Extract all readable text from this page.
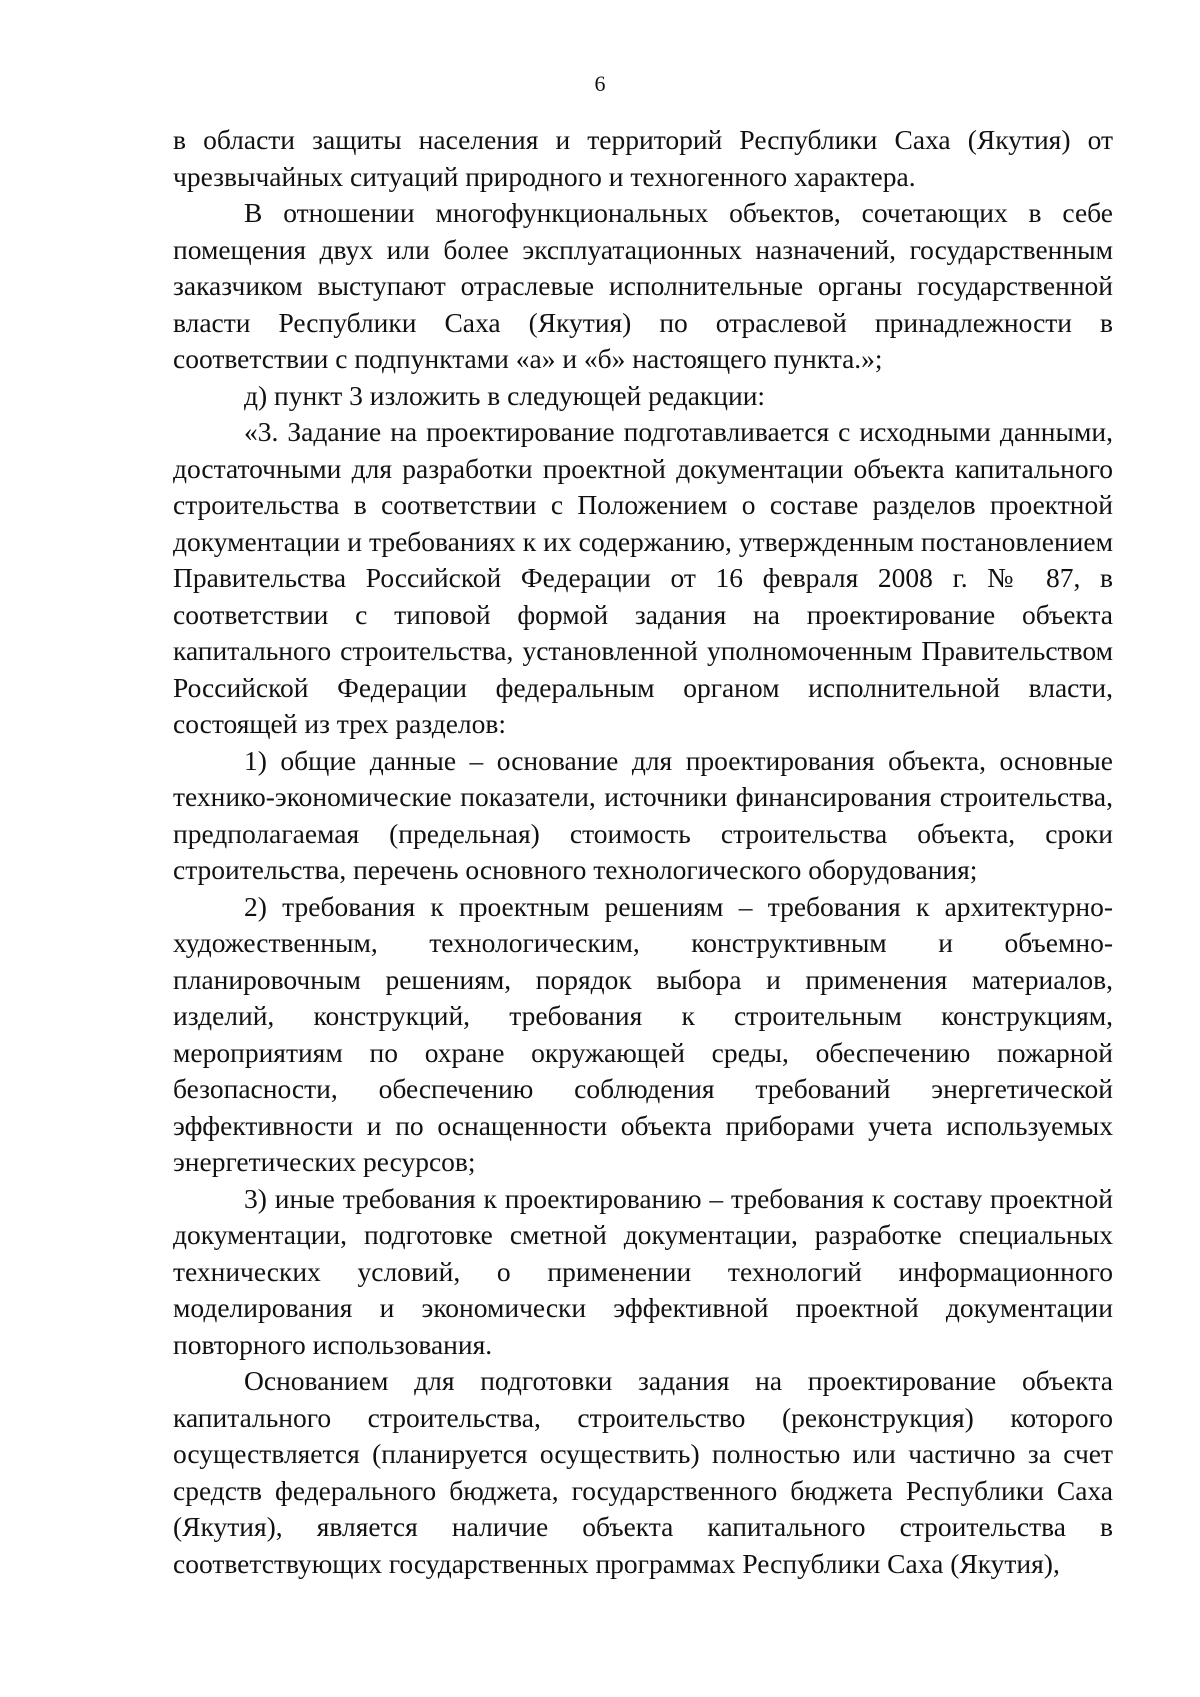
6

в области защиты населения и территорий Республики Саха (Якутия) от чрезвычайных ситуаций природного и техногенного характера.

В отношении многофункциональных объектов, сочетающих в себе помещения двух или более эксплуатационных назначений, государственным заказчиком выступают отраслевые исполнительные органы государственной власти Республики Саха (Якутия) по отраслевой принадлежности в соответствии с подпунктами «а» и «б» настоящего пункта.»;

д) пункт 3 изложить в следующей редакции:

«3. Задание на проектирование подготавливается с исходными данными, достаточными для разработки проектной документации объекта капитального строительства в соответствии с Положением о составе разделов проектной документации и требованиях к их содержанию, утвержденным постановлением Правительства Российской Федерации от 16 февраля 2008 г. № 87, в соответствии с типовой формой задания на проектирование объекта капитального строительства, установленной уполномоченным Правительством Российской Федерации федеральным органом исполнительной власти, состоящей из трех разделов:

1) общие данные – основание для проектирования объекта, основные технико-экономические показатели, источники финансирования строительства, предполагаемая (предельная) стоимость строительства объекта, сроки строительства, перечень основного технологического оборудования;

2) требования к проектным решениям – требования к архитектурно-художественным, технологическим, конструктивным и объемно-планировочным решениям, порядок выбора и применения материалов, изделий, конструкций, требования к строительным конструкциям, мероприятиям по охране окружающей среды, обеспечению пожарной безопасности, обеспечению соблюдения требований энергетической эффективности и по оснащенности объекта приборами учета используемых энергетических ресурсов;

3) иные требования к проектированию – требования к составу проектной документации, подготовке сметной документации, разработке специальных технических условий, о применении технологий информационного моделирования и экономически эффективной проектной документации повторного использования.

Основанием для подготовки задания на проектирование объекта капитального строительства, строительство (реконструкция) которого осуществляется (планируется осуществить) полностью или частично за счет средств федерального бюджета, государственного бюджета Республики Саха (Якутия), является наличие объекта капитального строительства в соответствующих государственных программах Республики Саха (Якутия),
